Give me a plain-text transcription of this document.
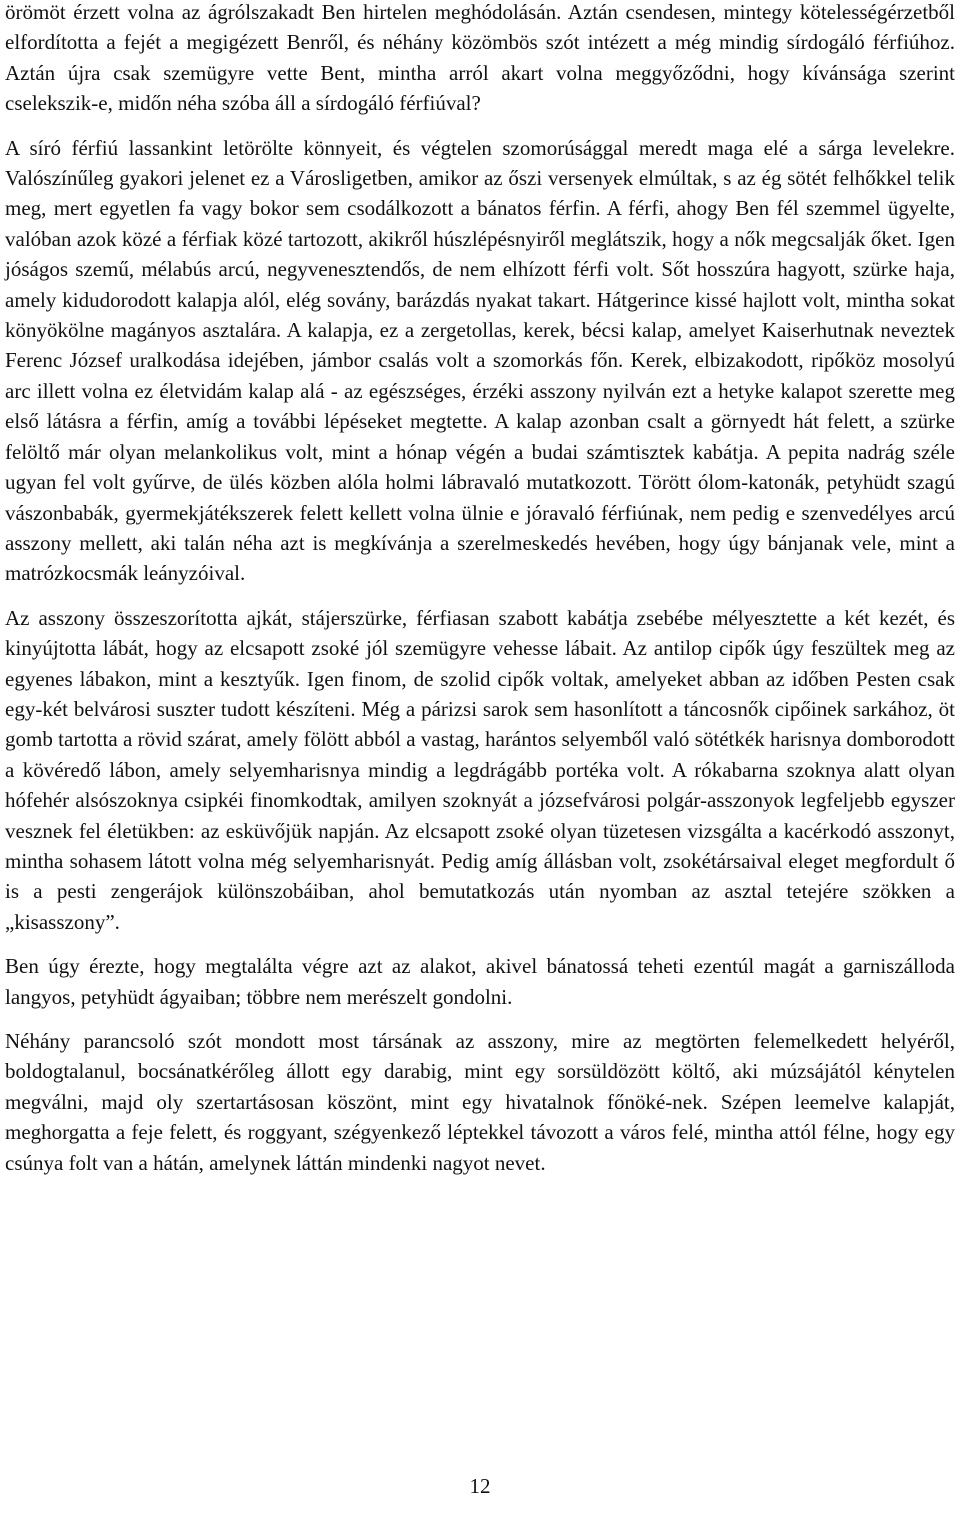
örömöt érzett volna az ágrólszakadt Ben hirtelen meghódolásán. Aztán csendesen, mintegy kötelességérzetből elfordította a fejét a megigézett Benről, és néhány közömbös szót intézett a még mindig sírdogáló férfiúhoz. Aztán újra csak szemügyre vette Bent, mintha arról akart volna meggyőződni, hogy kívánsága szerint cselekszik-e, midőn néha szóba áll a sírdogáló férfiúval?

A síró férfiú lassankint letörölte könnyeit, és végtelen szomorúsággal meredt maga elé a sárga levelekre. Valószínűleg gyakori jelenet ez a Városligetben, amikor az őszi versenyek elmúltak, s az ég sötét felhőkkel telik meg, mert egyetlen fa vagy bokor sem csodálkozott a bánatos férfin. A férfi, ahogy Ben fél szemmel ügyelte, valóban azok közé a férfiak közé tartozott, akikről húszlépésnyiről meglátszik, hogy a nők megcsalják őket. Igen jóságos szemű, mélabús arcú, negyvenesztendős, de nem elhízott férfi volt. Sőt hosszúra hagyott, szürke haja, amely kidudorodott kalapja alól, elég sovány, barázdás nyakat takart. Hátgerince kissé hajlott volt, mintha sokat könyökölne magányos asztalára. A kalapja, ez a zergetollas, kerek, bécsi kalap, amelyet Kaiserhutnak neveztek Ferenc József uralkodása idejében, jámbor csalás volt a szomorkás főn. Kerek, elbizakodott, ripőköz mosolyú arc illett volna ez életvidám kalap alá - az egészséges, érzéki asszony nyilván ezt a hetyke kalapot szerette meg első látásra a férfin, amíg a további lépéseket megtette. A kalap azonban csalt a görnyedt hát felett, a szürke felöltő már olyan melankolikus volt, mint a hónap végén a budai számtisztek kabátja. A pepita nadrág széle ugyan fel volt gyűrve, de ülés közben alóla holmi lábravaló mutatkozott. Törött ólom-katonák, petyhüdt szagú vászonbabák, gyermekjátékszerek felett kellett volna ülnie e jóravaló férfiúnak, nem pedig e szenvedélyes arcú asszony mellett, aki talán néha azt is megkívánja a szerelmeskedés hevében, hogy úgy bánjanak vele, mint a matrózkocsmák leányzóival.

Az asszony összeszorította ajkát, stájerszürke, férfiasan szabott kabátja zsebébe mélyesztette a két kezét, és kinyújtotta lábát, hogy az elcsapott zsoké jól szemügyre vehesse lábait. Az antilop cipők úgy feszültek meg az egyenes lábakon, mint a kesztyűk. Igen finom, de szolid cipők voltak, amelyeket abban az időben Pesten csak egy-két belvárosi suszter tudott készíteni. Még a párizsi sarok sem hasonlított a táncosnők cipőinek sarkához, öt gomb tartotta a rövid szárat, amely fölött abból a vastag, harántos selyemből való sötétkék harisnya domborodott a kövéredő lábon, amely selyemharisnya mindig a legdrágább portéka volt. A rókabarna szoknya alatt olyan hófehér alsószoknya csipkéi finomkodtak, amilyen szoknyát a józsefvárosi polgár-asszonyok legfeljebb egyszer vesznek fel életükben: az esküvőjük napján. Az elcsapott zsoké olyan tüzetesen vizsgálta a kacérkodó asszonyt, mintha sohasem látott volna még selyemharisnyát. Pedig amíg állásban volt, zsokétársaival eleget megfordult ő is a pesti zengerájok különszobáiban, ahol bemutatkozás után nyomban az asztal tetejére szökken a „kisasszony”.

Ben úgy érezte, hogy megtalálta végre azt az alakot, akivel bánatossá teheti ezentúl magát a garniszálloda langyos, petyhüdt ágyaiban; többre nem merészelt gondolni.

Néhány parancsoló szót mondott most társának az asszony, mire az megtörten felemelkedett helyéről, boldogtalanul, bocsánatkérőleg állott egy darabig, mint egy sorsüldözött költő, aki múzsájától kénytelen megválni, majd oly szertartásosan köszönt, mint egy hivatalnok főnöké-nek. Szépen leemelve kalapját, meghorgatta a feje felett, és roggyant, szégyenkező léptekkel távozott a város felé, mintha attól félne, hogy egy csúnya folt van a hátán, amelynek láttán mindenki nagyot nevet.

12
